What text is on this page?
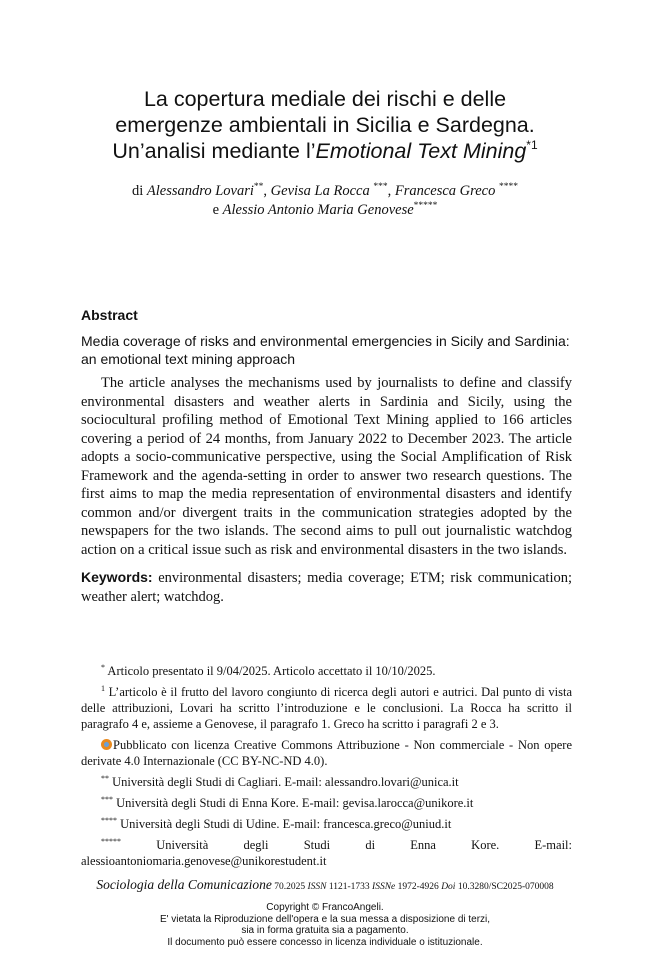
La copertura mediale dei rischi e delle
emergenze ambientali in Sicilia e Sardegna.
Un’analisi mediante l’Emotional Text Mining$^{*1}$
di Alessandro Lovari**, Gevisa La Rocca ***, Francesca Greco ****
e Alessio Antonio Maria Genovese*****
Abstract
Media coverage of risks and environmental emergencies in Sicily and Sardinia: an emotional text mining approach
The article analyses the mechanisms used by journalists to define and classify environmental disasters and weather alerts in Sardinia and Sicily, using the sociocultural profiling method of Emotional Text Mining applied to 166 articles covering a period of 24 months, from January 2022 to December 2023. The article adopts a socio-communicative perspective, using the Social Amplification of Risk Framework and the agenda-setting in order to answer two research questions. The first aims to map the media representation of environmental disasters and identify common and/or divergent traits in the communication strategies adopted by the newspapers for the two islands. The second aims to pull out journalistic watchdog action on a critical issue such as risk and environmental disasters in the two islands.
Keywords: environmental disasters; media coverage; ETM; risk communication; weather alert; watchdog.
* Articolo presentato il 9/04/2025. Articolo accettato il 10/10/2025.
$^1$ L’articolo è il frutto del lavoro congiunto di ricerca degli autori e autrici. Dal punto di vista delle attribuzioni, Lovari ha scritto l’introduzione e le conclusioni. La Rocca ha scritto il paragrafo 4 e, assieme a Genovese, il paragrafo 1. Greco ha scritto i paragrafi 2 e 3.
Pubblicato con licenza Creative Commons Attribuzione - Non commerciale - Non opere derivate 4.0 Internazionale (CC BY-NC-ND 4.0).
** Università degli Studi di Cagliari. E-mail: alessandro.lovari@unica.it
*** Università degli Studi di Enna Kore. E-mail: gevisa.larocca@unikore.it
**** Università degli Studi di Udine. E-mail: francesca.greco@uniud.it
***** Università degli Studi di Enna Kore. E-mail: alessioantoniomaria.genovese@unikorestudent.it
Sociologia della Comunicazione 70.2025 ISSN 1121-1733 ISSNe 1972-4926 Doi 10.3280/SC2025-070008
Copyright © FrancoAngeli.
E' vietata la Riproduzione dell'opera e la sua messa a disposizione di terzi,
sia in forma gratuita sia a pagamento.
Il documento può essere concesso in licenza individuale o istituzionale.
